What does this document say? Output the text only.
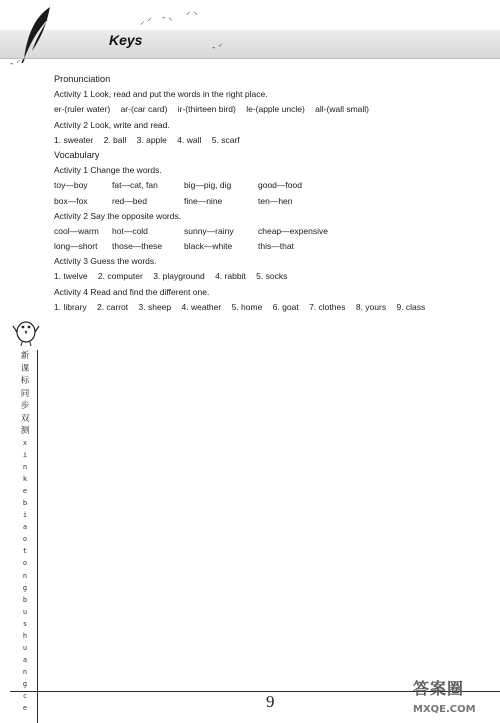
⸝ ⸍ - ⸜ ⸍ ⸌
- ⸍
- ⸍
Keys
Pronunciation
Activity 1 Look, read and put the words in the right place.
er-(ruler water) ar-(car card) ir-(thirteen bird) le-(apple uncle) all-(wall small)
Activity 2 Look, write and read.
1. sweater 2. ball 3. apple 4. wall 5. scarf
Vocabulary
Activity 1 Change the words.
toy—boy	fat—cat, fan	big—pig, dig	good—food
box—fox	red—bed	fine—nine	ten—hen
Activity 2 Say the opposite words.
cool—warm hot—cold	sunny—rainy	cheap—expensive
long—short those—these	black—white	this—that
Activity 3 Guess the words.
1. twelve 2. computer 3. playground 4. rabbit 5. socks
Activity 4 Read and find the different one.
1. library 2. carrot 3. sheep 4. weather 5. home 6. goat 7. clothes 8. yours 9. class
新
课
标
同
步
双
测
x
i
n
k
e
b
i
a
o
t
o
n
g
b
u
s
h
u
a
n
g
c
e	9
答案圈
MXQE.COM
